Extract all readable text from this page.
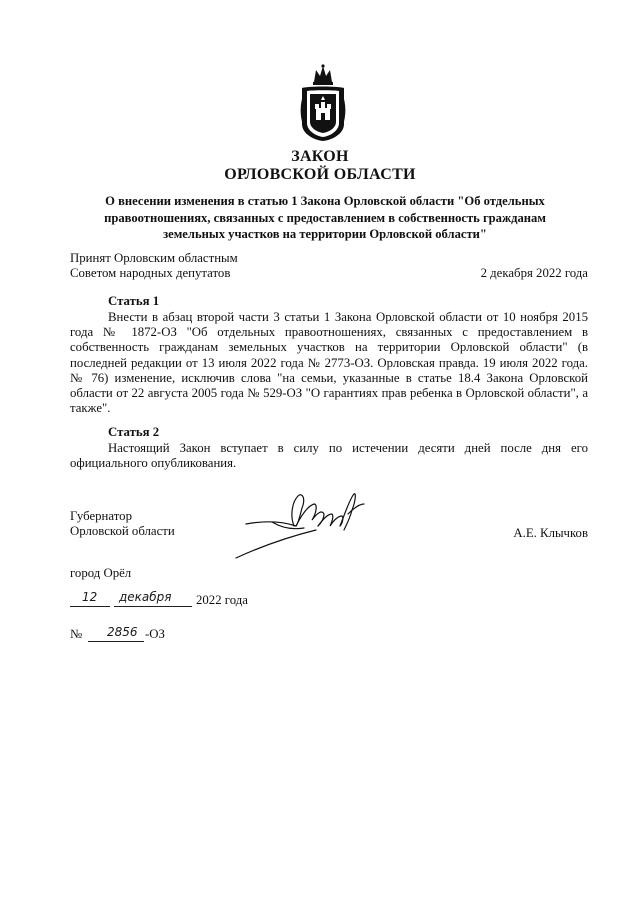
ЗАКОН
ОРЛОВСКОЙ ОБЛАСТИ
О внесении изменения в статью 1 Закона Орловской области "Об отдельных
правоотношениях, связанных с предоставлением в собственность гражданам
земельных участков на территории Орловской области"
Принят Орловским областным
Советом народных депутатов	2 декабря 2022 года
Статья 1
Внести в абзац второй части 3 статьи 1 Закона Орловской области от 10 ноября 2015 года № 1872-ОЗ "Об отдельных правоотношениях, связанных с предоставлением в собственность гражданам земельных участков на территории Орловской области" (в последней редакции от 13 июля 2022 года № 2773-ОЗ. Орловская правда. 19 июля 2022 года. № 76) изменение, исключив слова "на семьи, указанные в статье 18.4 Закона Орловской области от 22 августа 2005 года № 529-ОЗ "О гарантиях прав ребенка в Орловской области", а также".
Статья 2
Настоящий Закон вступает в силу по истечении десяти дней после дня его официального опубликования.
Губернатор
Орловской области	А.Е. Клычков
город Орёл
12 декабря 2022 года
№ 2856 -ОЗ
